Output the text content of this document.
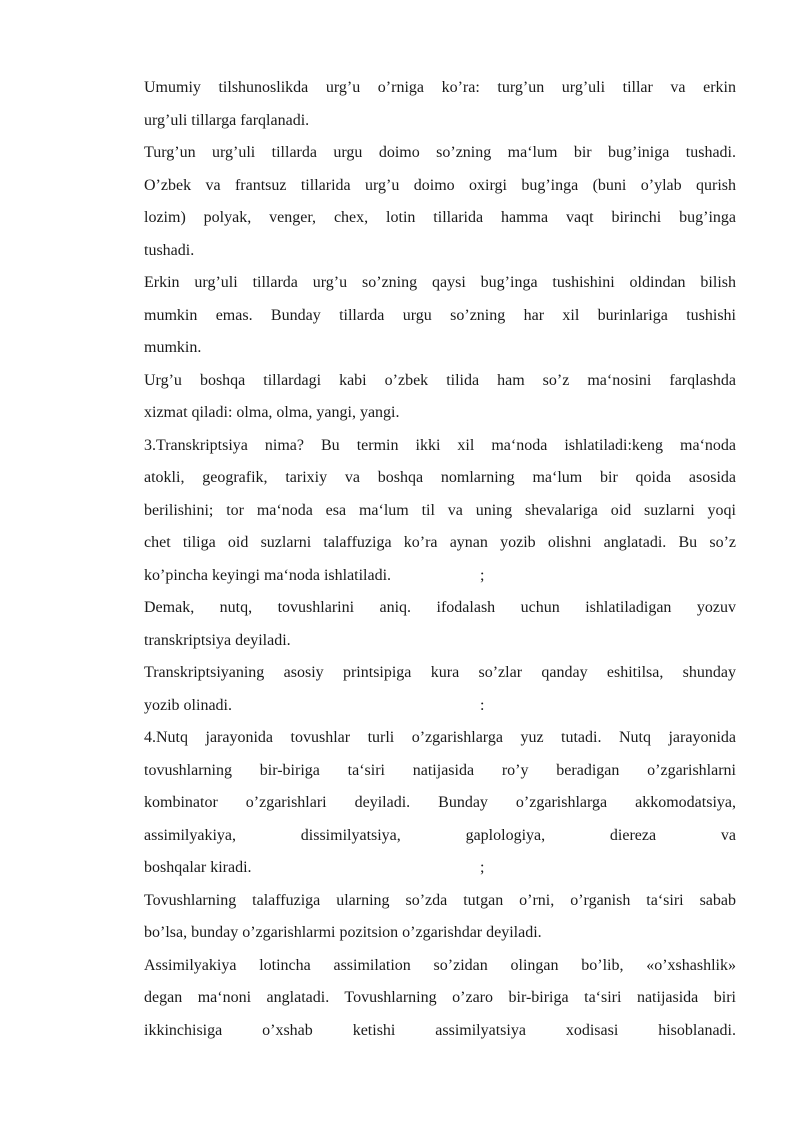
Umumiy tilshunoslikda urg’u o’rniga ko’ra: turg’un urg’uli tillar va erkin
urg’uli tillarga farqlanadi.
Turg’un urg’uli tillarda urgu doimo so’zning ma‘lum bir bug’iniga tushadi.
O’zbek va frantsuz tillarida urg’u doimo oxirgi bug’inga (buni o’ylab qurish
lozim) polyak, venger, chex, lotin tillarida hamma vaqt birinchi bug’inga
tushadi.
Erkin urg’uli tillarda urg’u so’zning qaysi bug’inga tushishini oldindan bilish
mumkin emas. Bunday tillarda urgu so’zning har xil burinlariga tushishi
mumkin.
Urg’u boshqa tillardagi kabi o’zbek tilida ham so’z ma‘nosini farqlashda
xizmat qiladi: olma, olma, yangi, yangi.
3.Transkriptsiya nima? Bu termin ikki xil ma‘noda ishlatiladi:keng ma‘noda
atokli, geografik, tarixiy va boshqa nomlarning ma‘lum bir qoida asosida
berilishini; tor ma‘noda esa ma‘lum til va uning shevalariga oid suzlarni yoqi
chet tiliga oid suzlarni talaffuziga ko’ra aynan yozib olishni anglatadi. Bu so’z
ko’pincha keyingi ma‘noda ishlatiladi.	;
Demak, nutq, tovushlarini aniq. ifodalash uchun ishlatiladigan yozuv
transkriptsiya deyiladi.
Transkriptsiyaning asosiy printsipiga kura so’zlar qanday eshitilsa, shunday
yozib olinadi.	:
4.Nutq jarayonida tovushlar turli o’zgarishlarga yuz tutadi. Nutq jarayonida
tovushlarning bir-biriga ta‘siri natijasida ro’y beradigan o’zgarishlarni
kombinator o’zgarishlari deyiladi. Bunday o’zgarishlarga akkomodatsiya,
assimilyakiya, dissimilyatsiya, gaplologiya, diereza va
boshqalar kiradi.	;
Tovushlarning talaffuziga ularning so’zda tutgan o’rni, o’rganish ta‘siri sabab
bo’lsa, bunday o’zgarishlarmi pozitsion o’zgarishdar deyiladi.
Assimilyakiya lotincha assimilation so’zidan olingan bo’lib, «o’xshashlik»
degan ma‘noni anglatadi. Tovushlarning o’zaro bir-biriga ta‘siri natijasida biri
ikkinchisiga o’xshab ketishi assimilyatsiya xodisasi hisoblanadi.
